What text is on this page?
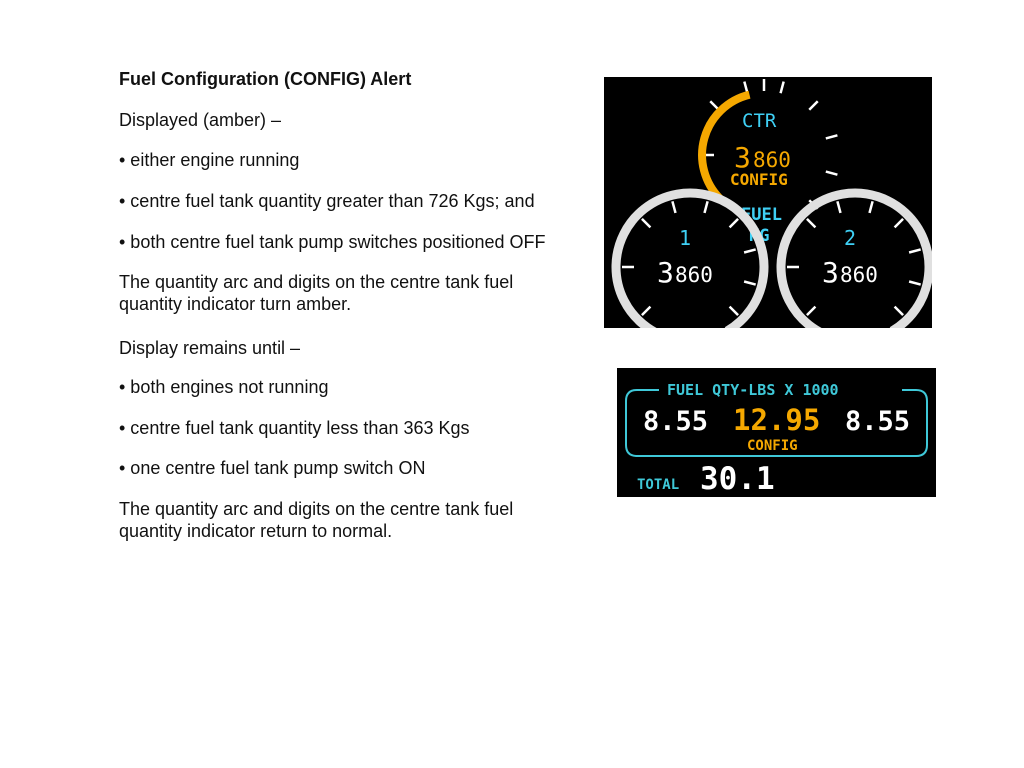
Fuel Configuration (CONFIG) Alert

Displayed (amber) –

• either engine running

• centre fuel tank quantity greater than 726 Kgs; and

• both centre fuel tank pump switches positioned OFF

The quantity arc and digits on the centre tank fuel quantity indicator turn amber.

Display remains until –

• both engines not running

• centre fuel tank quantity less than 363 Kgs

• one centre fuel tank pump switch ON

The quantity arc and digits on the centre tank fuel quantity indicator return to normal.

CTR
3 860
CONFIG
FUEL
KG
1
3 860
2
3 860
FUEL QTY-LBS X 1000
8.55 12.95 8.55
CONFIG
TOTAL 30.1
